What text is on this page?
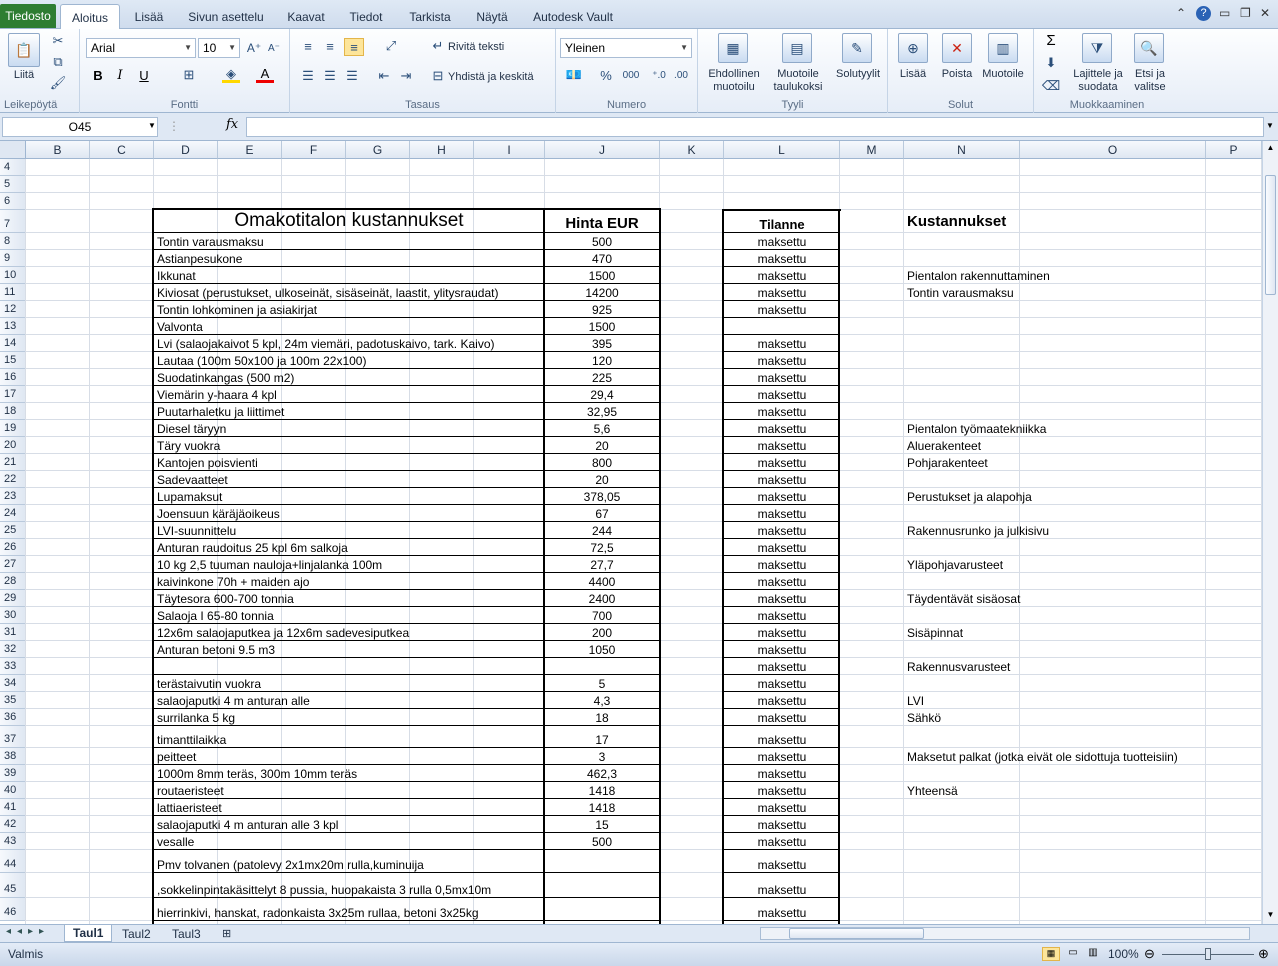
Tiedosto	Aloitus	Lisää	Sivun asettelu	Kaavat	Tiedot	Tarkista	Näytä	Autodesk Vault	⌃	?	▭ ❐ ✕
📋
Liitä
✂
⧉
🖌
Leikepöytä
Arial	▼ 10 ▼ A⁺ A⁻
B	I	U	⊞	◈	A
Fontti
≡	≡	≡	⤢
☰ ☰ ☰ ⇤ ⇥
↵ Rivitä teksti
⊟ Yhdistä ja keskitä
Tasaus
Yleinen	▼
💶 % 000 ⁺.0 .00
Numero
▦
Ehdollinen
muotoilu
▤
Muotoile
taulukoksi
✎
Solutyylit
Tyyli
⊕
Lisää
✕
Poista
▥
Muotoile
Solut
Σ
⬇
⌫
⧩
Lajittele ja
suodata
🔍
Etsi ja
valitse
Muokkaaminen
O45	▼ ⋮	fx	▼
B	C	D	E	F	G	H	I	J	K	L	M	N	O	P
4
5
6
7
8
9
10
11
12
13
14
15
16
17
18
19
20
21
22
23
24
25
26
27
28
29
30
31
32
33
34
35
36
37
38
39
40
41
42
43
44
45
46
Omakotitalon kustannukset	Hinta EUR	Tilanne	Kustannukset
Tontin varausmaksu	500	maksettu
Astianpesukone	470	maksettu
Ikkunat	1500	maksettu
Kiviosat (perustukset, ulkoseinät, sisäseinät, laastit, ylitysraudat)	14200	maksettu
Tontin lohkominen ja asiakirjat	925	maksettu
Valvonta	1500
Lvi (salaojakaivot 5 kpl, 24m viemäri, padotuskaivo, tark. Kaivo)	395	maksettu
Lautaa (100m 50x100 ja 100m 22x100)	120	maksettu
Suodatinkangas (500 m2)	225	maksettu
Viemärin y-haara 4 kpl	29,4	maksettu
Puutarhaletku ja liittimet	32,95	maksettu
Diesel täryyn	5,6	maksettu
Täry vuokra	20	maksettu
Kantojen poisvienti	800	maksettu
Sadevaatteet	20	maksettu
Lupamaksut	378,05	maksettu
Joensuun käräjäoikeus	67	maksettu
LVI-suunnittelu	244	maksettu
Anturan raudoitus 25 kpl 6m salkoja	72,5	maksettu
10 kg 2,5 tuuman nauloja+linjalanka 100m	27,7	maksettu
kaivinkone 70h + maiden ajo	4400	maksettu
Täytesora 600-700 tonnia	2400	maksettu
Salaoja I 65-80 tonnia	700	maksettu
12x6m salaojaputkea ja 12x6m sadevesiputkea	200	maksettu
Anturan betoni 9.5 m3	1050	maksettu
maksettu
terästaivutin vuokra	5	maksettu
salaojaputki 4 m anturan alle	4,3	maksettu
surrilanka 5 kg	18	maksettu
timanttilaikka	17	maksettu
peitteet	3	maksettu
1000m 8mm teräs, 300m 10mm teräs	462,3	maksettu
routaeristeet	1418	maksettu
lattiaeristeet	1418	maksettu
salaojaputki 4 m anturan alle 3 kpl	15	maksettu
vesalle	500	maksettu
Pmv tolvanen (patolevy 2x1mx20m rulla,kuminuija	maksettu
,sokkelinpintakäsittelyt 8 pussia, huopakaista 3 rulla 0,5mx10m	maksettu
hierrinkivi, hanskat, radonkaista 3x25m rullaa, betoni 3x25kg	maksettu
Pientalon rakennuttaminen
Tontin varausmaksu
Pientalon työmaatekniikka
Aluerakenteet
Pohjarakenteet
Perustukset ja alapohja
Rakennusrunko ja julkisivu
Yläpohjavarusteet
Täydentävät sisäosat
Sisäpinnat
Rakennusvarusteet
LVI
Sähkö
Maksetut palkat (jotka eivät ole sidottuja tuotteisiin)
Yhteensä
▲
▼
◂◂▸▸	Taul1	Taul2	Taul3	⊞
Valmis	▦	▭	▥ 100% ⊖	⊕
